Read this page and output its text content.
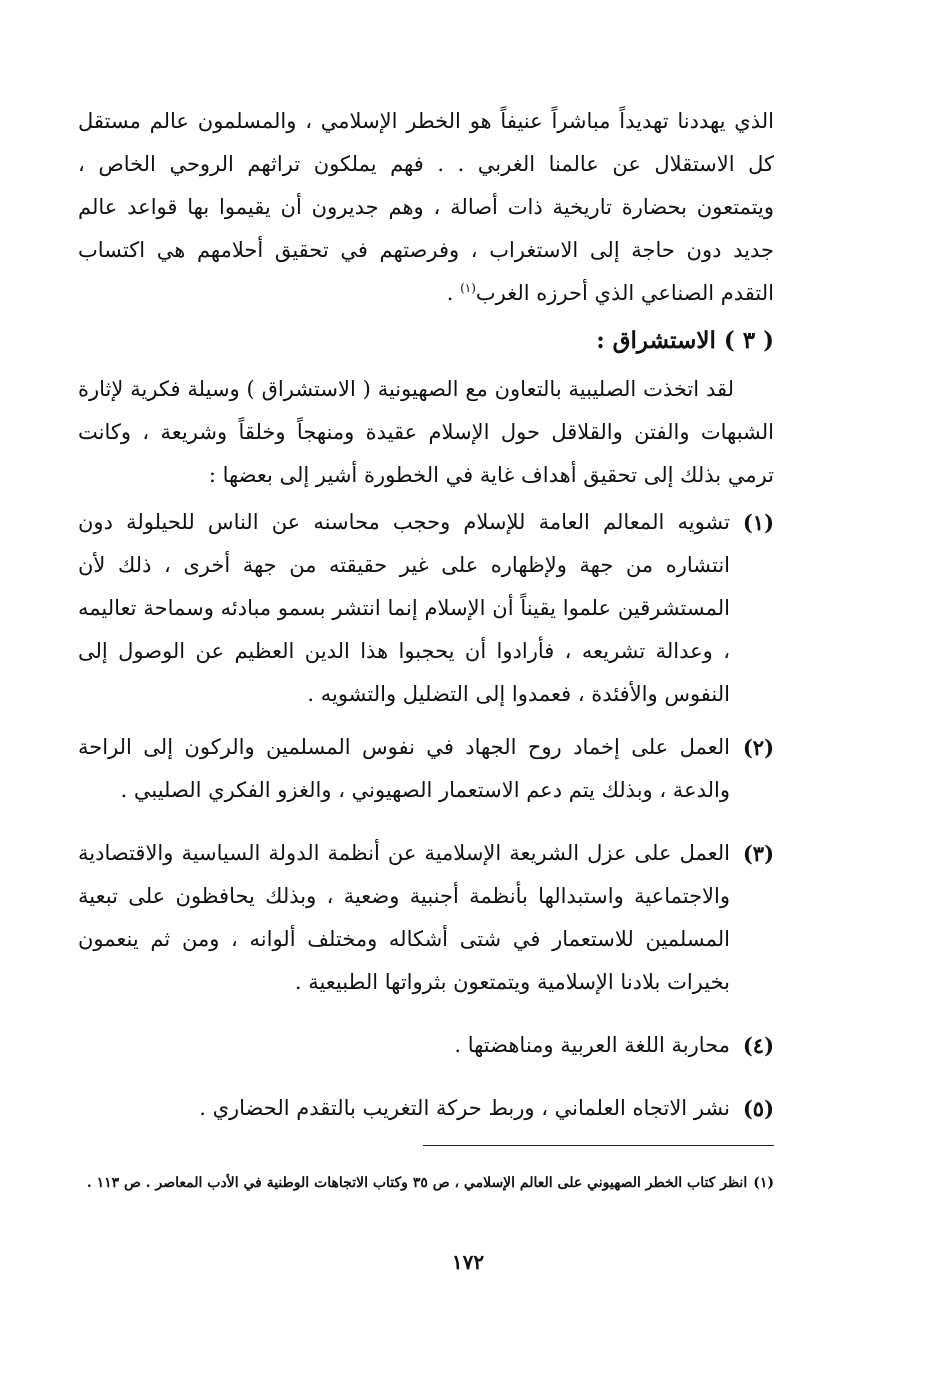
الذي يهددنا تهديداً مباشراً عنيفاً هو الخطر الإسلامي ، والمسلمون عالم مستقل كل الاستقلال عن عالمنا الغربي . . فهم يملكون تراثهم الروحي الخاص ، ويتمتعون بحضارة تاريخية ذات أصالة ، وهم جديرون أن يقيموا بها قواعد عالم جديد دون حاجة إلى الاستغراب ، وفرصتهم في تحقيق أحلامهم هي اكتساب التقدم الصناعي الذي أحرزه الغرب$^{(١)}$ .

( ٣ ) الاستشراق :

لقد اتخذت الصليبية بالتعاون مع الصهيونية ( الاستشراق ) وسيلة فكرية لإثارة الشبهات والفتن والقلاقل حول الإسلام عقيدة ومنهجاً وخلقاً وشريعة ، وكانت ترمي بذلك إلى تحقيق أهداف غاية في الخطورة أشير إلى بعضها :

(١)
تشويه المعالم العامة للإسلام وحجب محاسنه عن الناس للحيلولة دون انتشاره من جهة ولإظهاره على غير حقيقته من جهة أخرى ، ذلك لأن المستشرقين علموا يقيناً أن الإسلام إنما انتشر بسمو مبادئه وسماحة تعاليمه ، وعدالة تشريعه ، فأرادوا أن يحجبوا هذا الدين العظيم عن الوصول إلى النفوس والأفئدة ، فعمدوا إلى التضليل والتشويه .
(٢)
العمل على إخماد روح الجهاد في نفوس المسلمين والركون إلى الراحة والدعة ، وبذلك يتم دعم الاستعمار الصهيوني ، والغزو الفكري الصليبي .
(٣)
العمل على عزل الشريعة الإسلامية عن أنظمة الدولة السياسية والاقتصادية والاجتماعية واستبدالها بأنظمة أجنبية وضعية ، وبذلك يحافظون على تبعية المسلمين للاستعمار في شتى أشكاله ومختلف ألوانه ، ومن ثم ينعمون بخيرات بلادنا الإسلامية ويتمتعون بثرواتها الطبيعية .
(٤)
محاربة اللغة العربية ومناهضتها .
(٥)
نشر الاتجاه العلماني ، وربط حركة التغريب بالتقدم الحضاري .
(١)انظر كتاب الخطر الصهيوني على العالم الإسلامي ، ص ٣٥ وكتاب الاتجاهات الوطنية في الأدب المعاصر . ص ١١٣ .
١٧٢
